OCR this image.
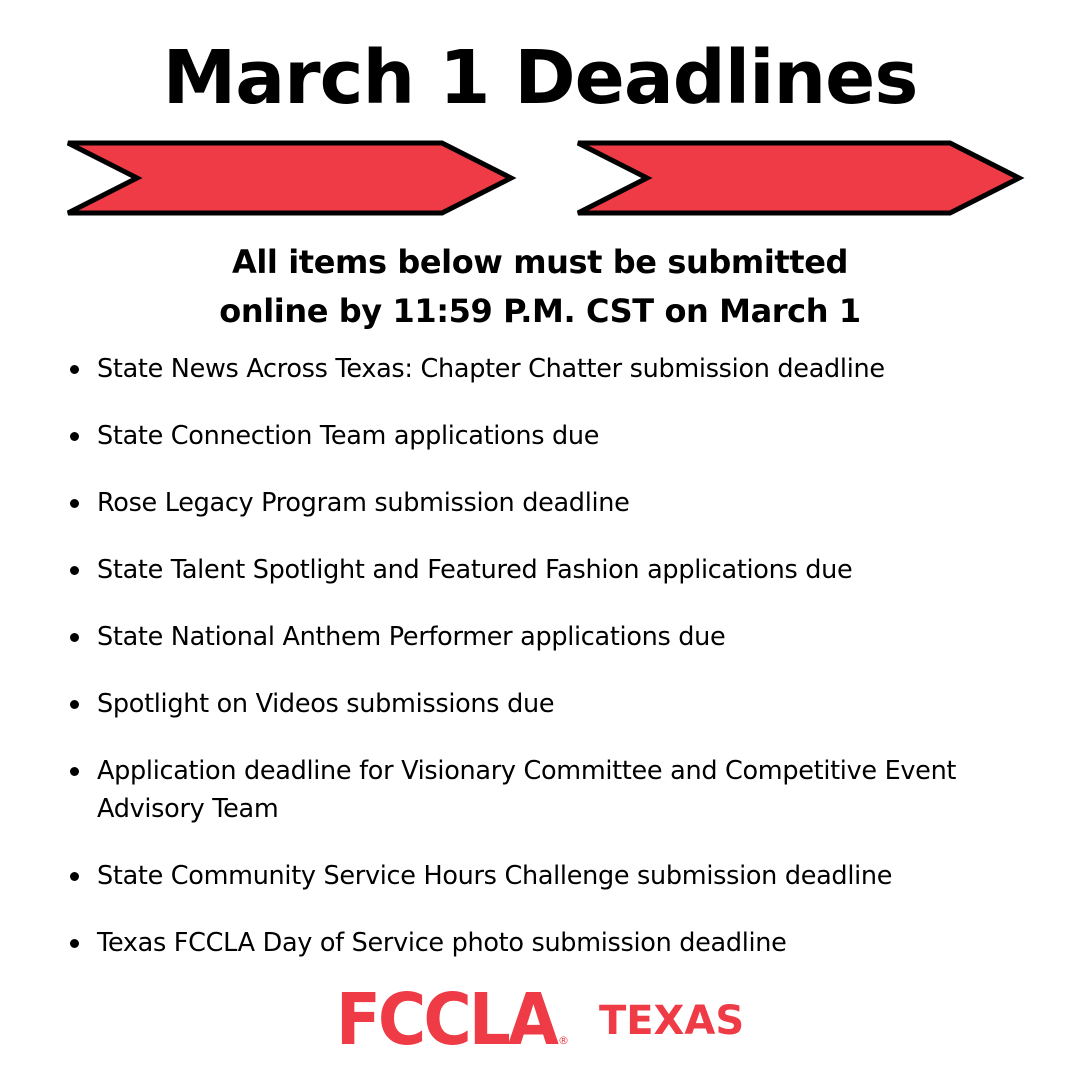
March 1 Deadlines
All items below must be submitted
online by 11:59 P.M. CST on March 1
State News Across Texas: Chapter Chatter submission deadline
State Connection Team applications due
Rose Legacy Program submission deadline
State Talent Spotlight and Featured Fashion applications due
State National Anthem Performer applications due
Spotlight on Videos submissions due
Application deadline for Visionary Committee and Competitive Event Advisory Team
State Community Service Hours Challenge submission deadline
Texas FCCLA Day of Service photo submission deadline
FCCLA ® TEXAS
